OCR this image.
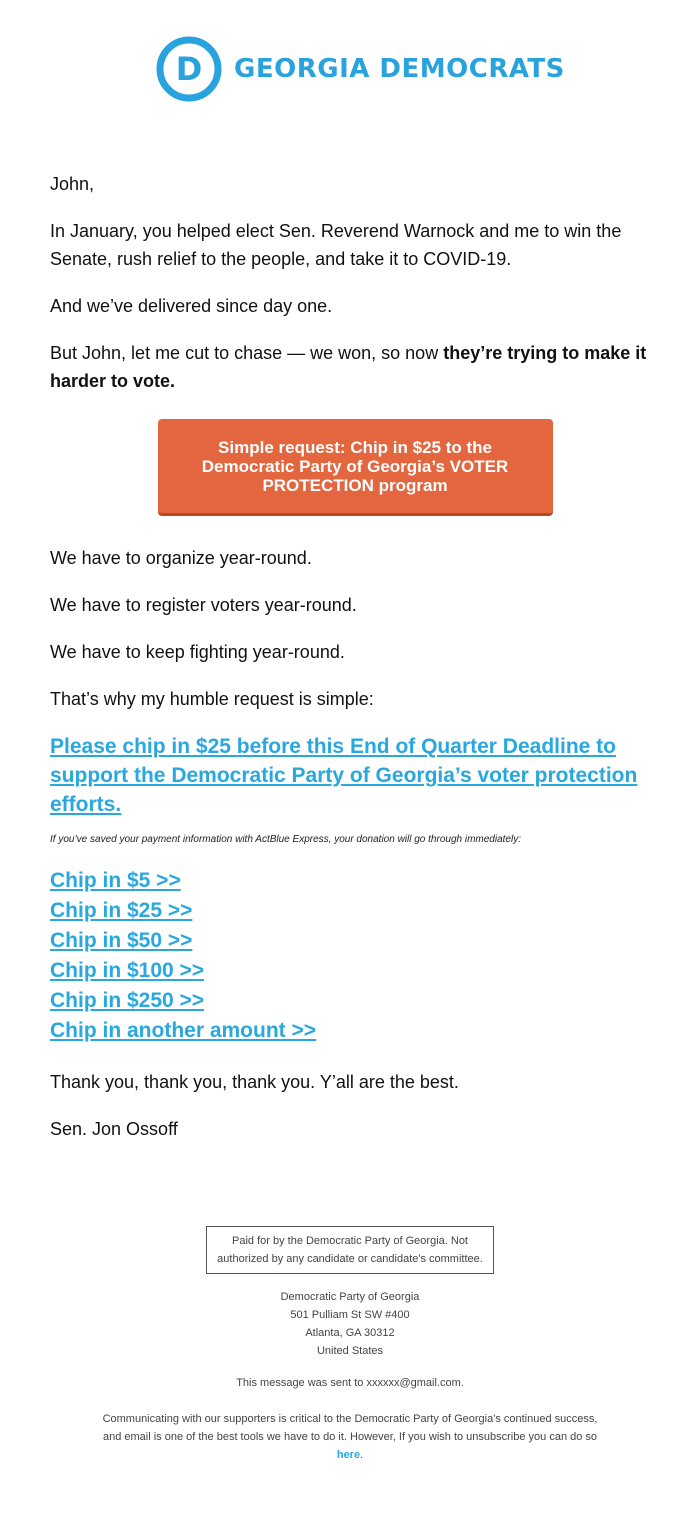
D GEORGIA DEMOCRATS

John,

In January, you helped elect Sen. Reverend Warnock and me to win the Senate, rush relief to the people, and take it to COVID-19.

And we’ve delivered since day one.

But John, let me cut to chase — we won, so now they’re trying to make it harder to vote.

Simple request: Chip in $25 to the Democratic Party of Georgia’s VOTER PROTECTION program

We have to organize year-round.

We have to register voters year-round.

We have to keep fighting year-round.

That’s why my humble request is simple:

Please chip in $25 before this End of Quarter Deadline to support the Democratic Party of Georgia’s voter protection efforts.

If you’ve saved your payment information with ActBlue Express, your donation will go through immediately:

Chip in $5 >>
Chip in $25 >>
Chip in $50 >>
Chip in $100 >>
Chip in $250 >>
Chip in another amount >>

Thank you, thank you, thank you. Y’all are the best.

Sen. Jon Ossoff

Paid for by the Democratic Party of Georgia. Not authorized by any candidate or candidate's committee.
Democratic Party of Georgia
501 Pulliam St SW #400
Atlanta, GA 30312
United States
This message was sent to xxxxxx@gmail.com.
Communicating with our supporters is critical to the Democratic Party of Georgia's continued success, and email is one of the best tools we have to do it. However, If you wish to unsubscribe you can do so here.
